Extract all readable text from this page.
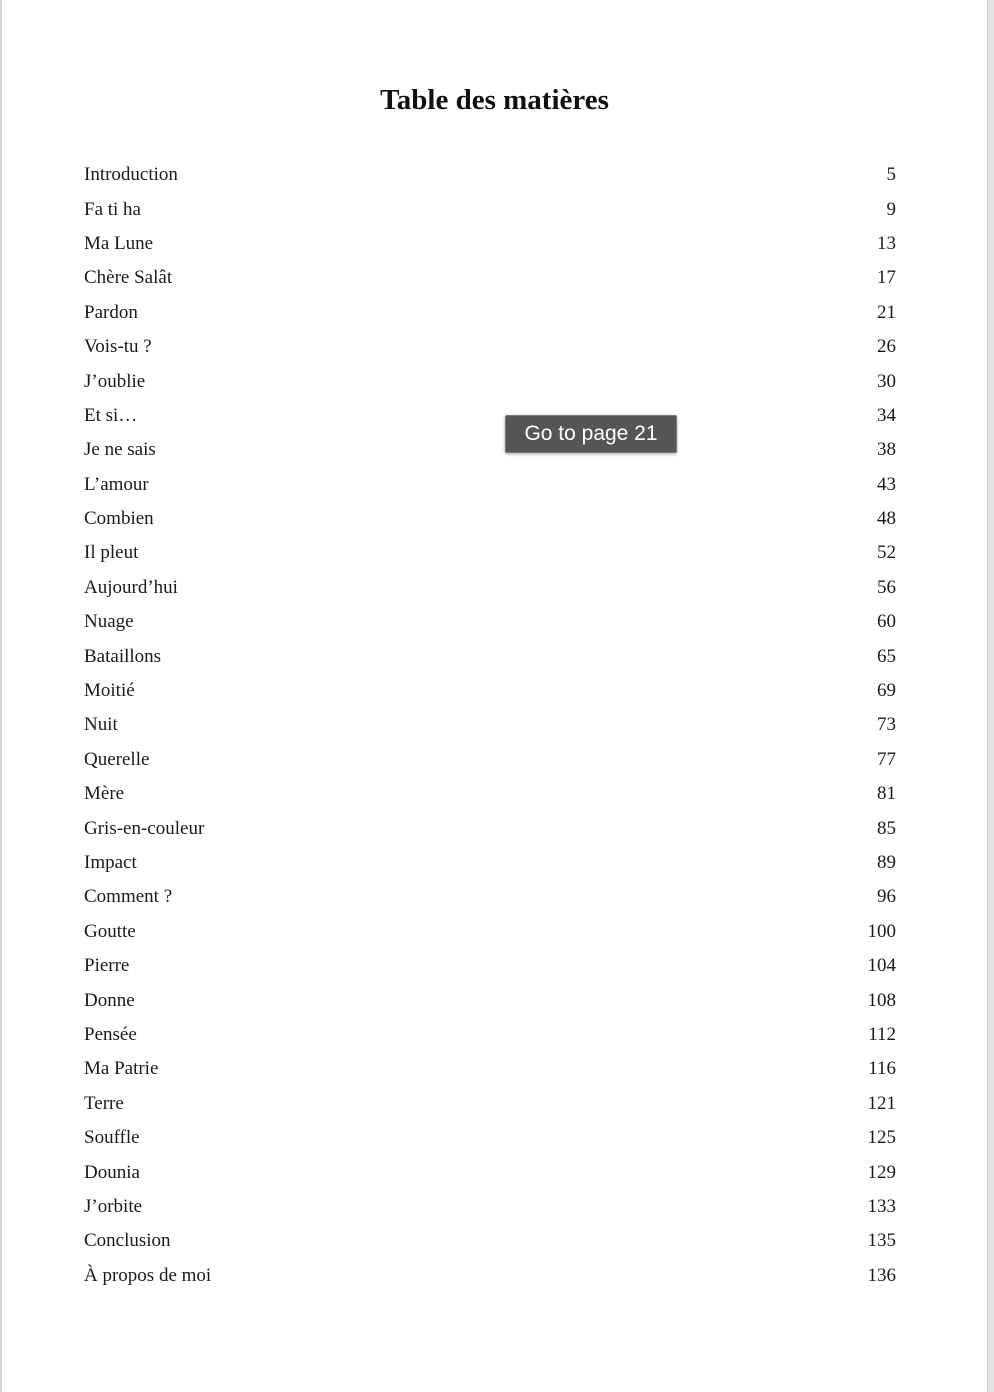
Table des matières
Introduction	5
Fa ti ha	9
Ma Lune	13
Chère Salât	17
Pardon	21
Vois-tu ?	26
J’oublie	30
Et si…	34
Je ne sais	38
L’amour	43
Combien	48
Il pleut	52
Aujourd’hui	56
Nuage	60
Bataillons	65
Moitié	69
Nuit	73
Querelle	77
Mère	81
Gris-en-couleur	85
Impact	89
Comment ?	96
Goutte	100
Pierre	104
Donne	108
Pensée	112
Ma Patrie	116
Terre	121
Souffle	125
Dounia	129
J’orbite	133
Conclusion	135
À propos de moi	136
Go to page 21
